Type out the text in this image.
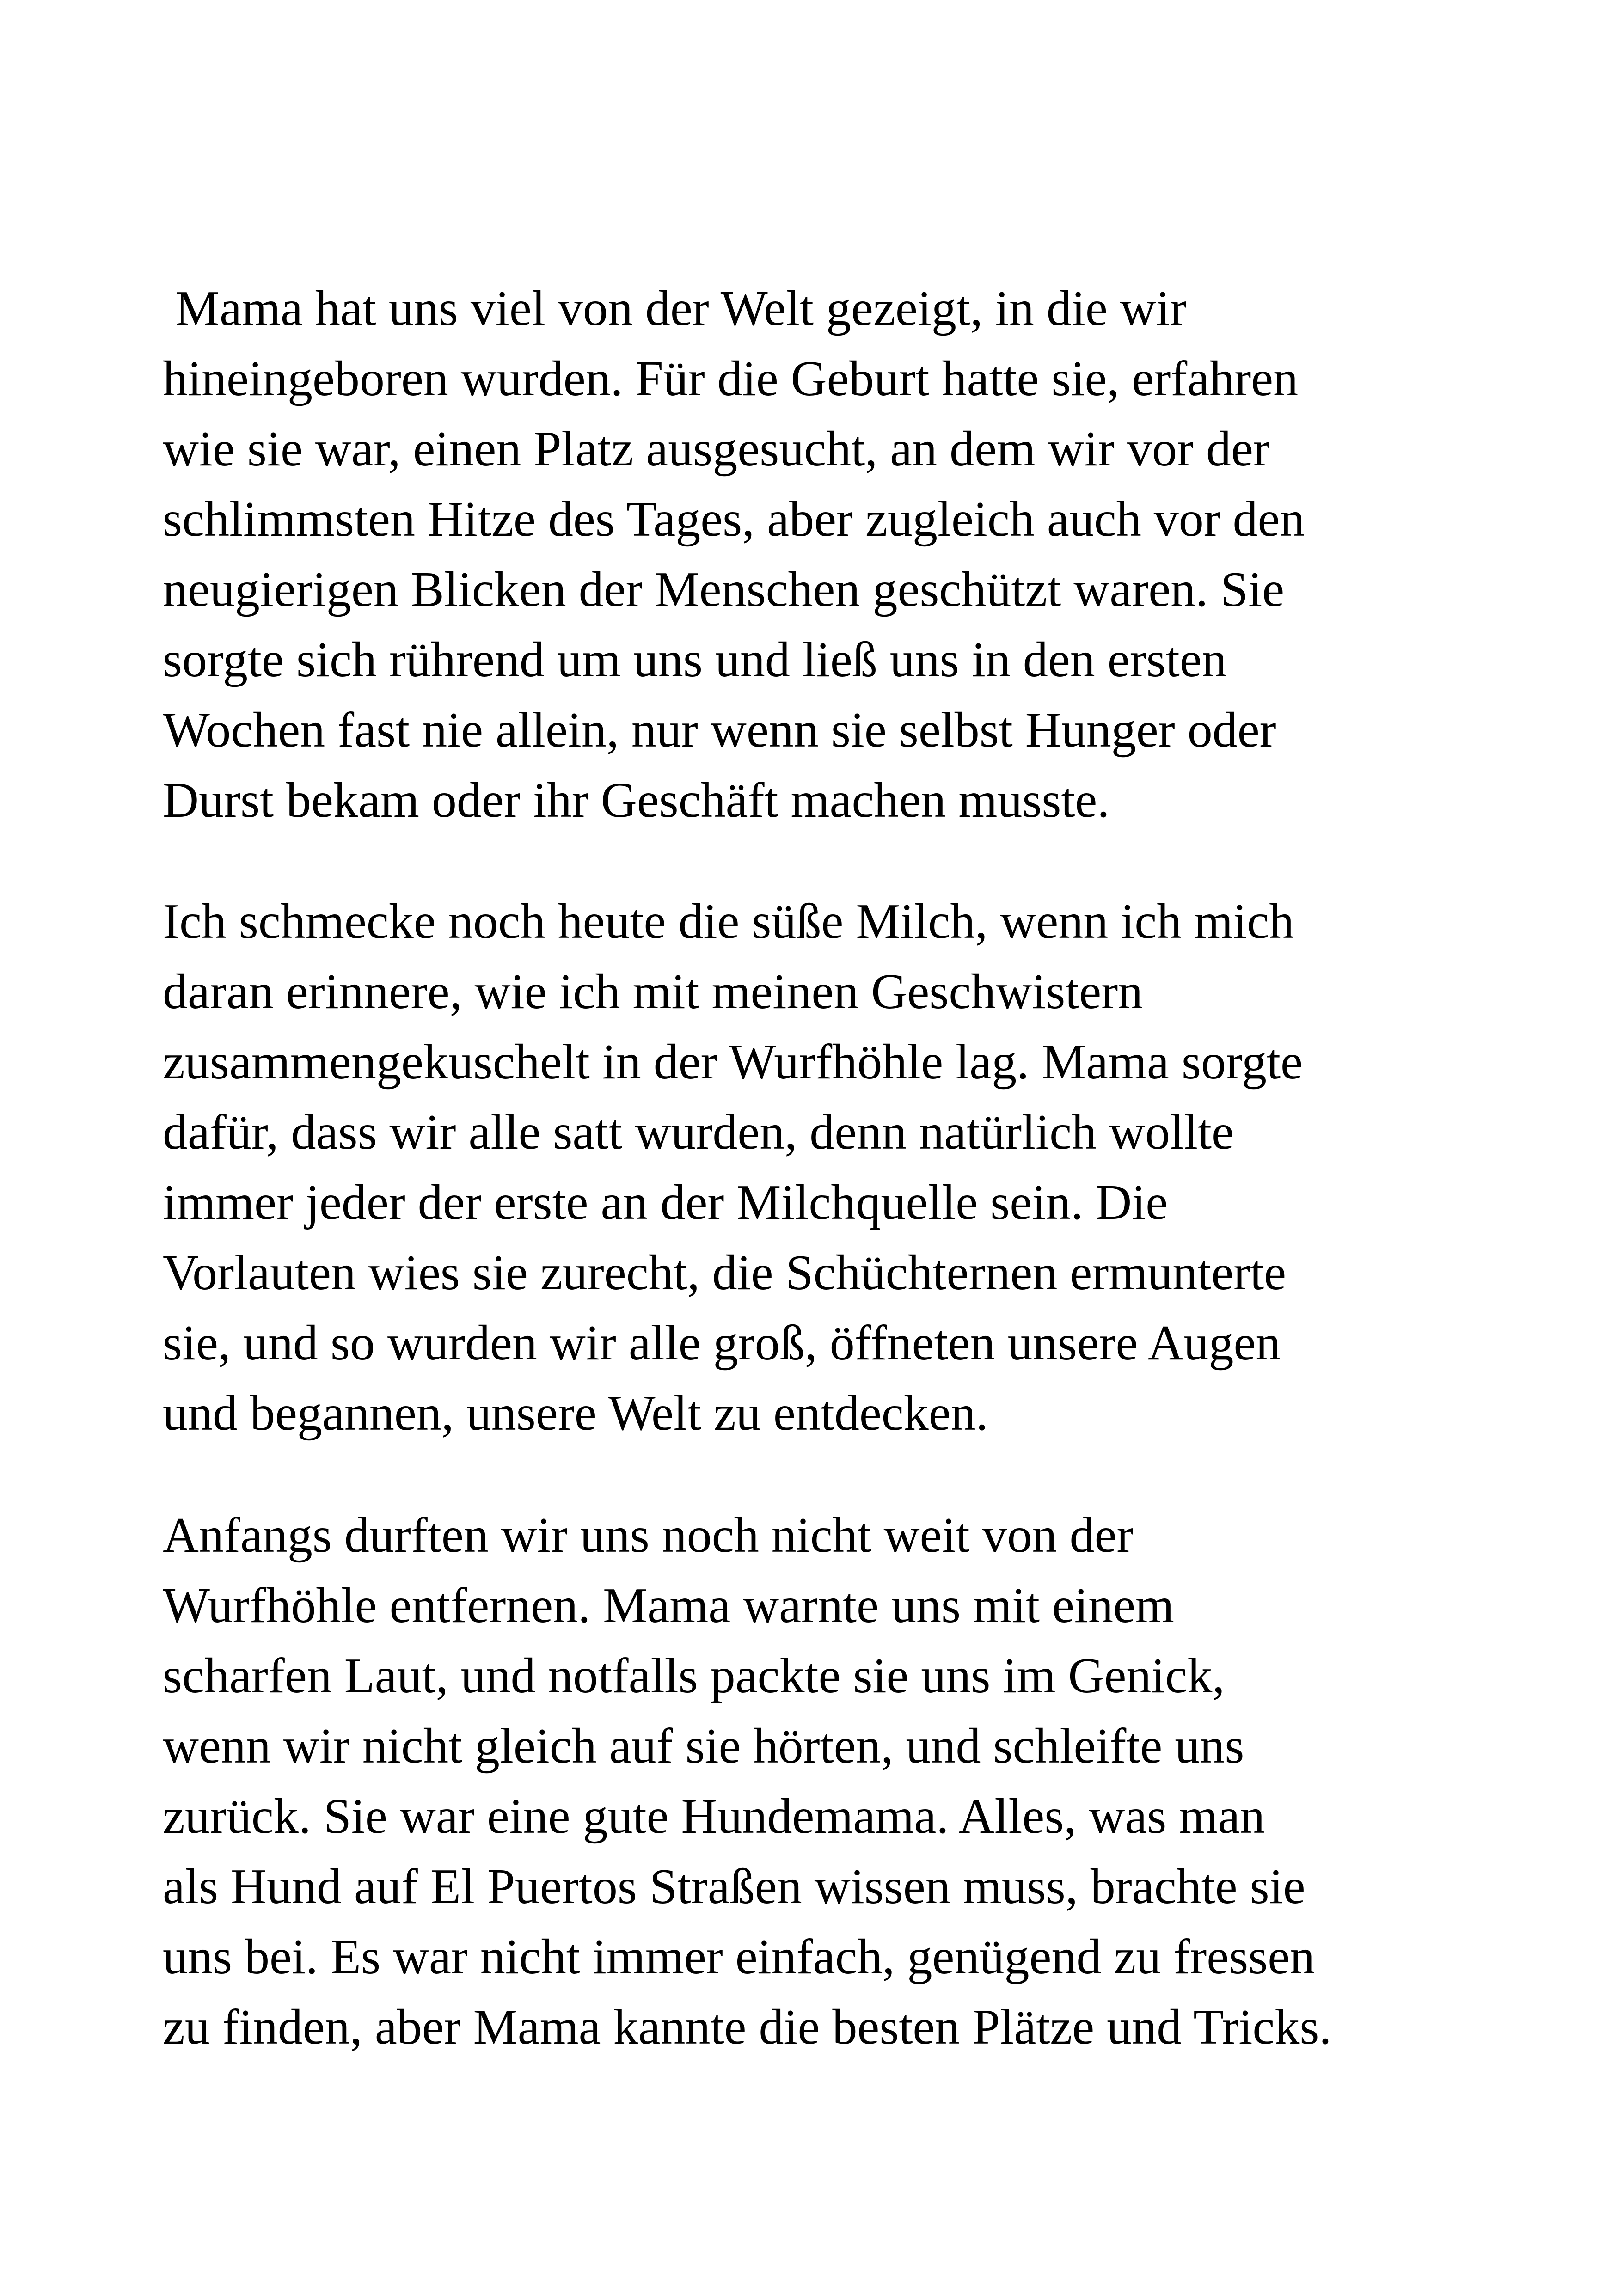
Mama hat uns viel von der Welt gezeigt, in die wir
hineingeboren wurden. Für die Geburt hatte sie, erfahren
wie sie war, einen Platz ausgesucht, an dem wir vor der
schlimmsten Hitze des Tages, aber zugleich auch vor den
neugierigen Blicken der Menschen geschützt waren. Sie
sorgte sich rührend um uns und ließ uns in den ersten
Wochen fast nie allein, nur wenn sie selbst Hunger oder
Durst bekam oder ihr Geschäft machen musste.
Ich schmecke noch heute die süße Milch, wenn ich mich
daran erinnere, wie ich mit meinen Geschwistern
zusammengekuschelt in der Wurfhöhle lag. Mama sorgte
dafür, dass wir alle satt wurden, denn natürlich wollte
immer jeder der erste an der Milchquelle sein. Die
Vorlauten wies sie zurecht, die Schüchternen ermunterte
sie, und so wurden wir alle groß, öffneten unsere Augen
und begannen, unsere Welt zu entdecken.
Anfangs durften wir uns noch nicht weit von der
Wurfhöhle entfernen. Mama warnte uns mit einem
scharfen Laut, und notfalls packte sie uns im Genick,
wenn wir nicht gleich auf sie hörten, und schleifte uns
zurück. Sie war eine gute Hundemama. Alles, was man
als Hund auf El Puertos Straßen wissen muss, brachte sie
uns bei. Es war nicht immer einfach, genügend zu fressen
zu finden, aber Mama kannte die besten Plätze und Tricks.
